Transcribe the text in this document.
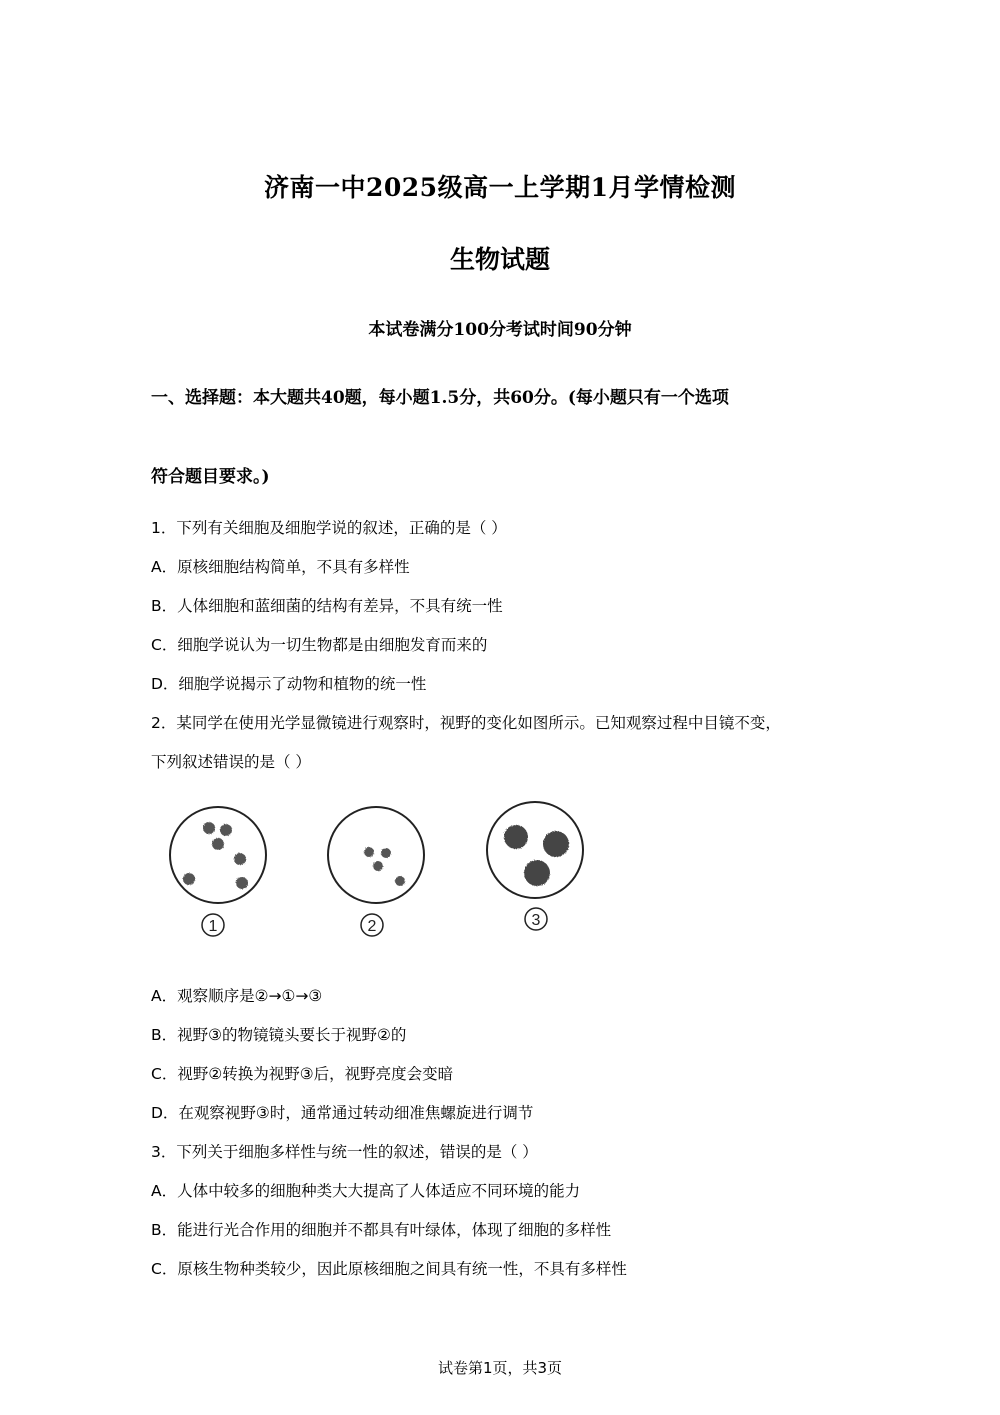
济南一中2025级高一上学期1月学情检测
生物试题
本试卷满分100分考试时间90分钟
一、选择题：本大题共40题，每小题1.5分，共60分。(每小题只有一个选项
符合题目要求。)
1．下列有关细胞及细胞学说的叙述，正确的是（ ）
A．原核细胞结构简单，不具有多样性
B．人体细胞和蓝细菌的结构有差异，不具有统一性
C．细胞学说认为一切生物都是由细胞发育而来的
D．细胞学说揭示了动物和植物的统一性
2．某同学在使用光学显微镜进行观察时，视野的变化如图所示。已知观察过程中目镜不变，
下列叙述错误的是（ ）
1	2	3
A．观察顺序是②→①→③
B．视野③的物镜镜头要长于视野②的
C．视野②转换为视野③后，视野亮度会变暗
D．在观察视野③时，通常通过转动细准焦螺旋进行调节
3．下列关于细胞多样性与统一性的叙述，错误的是（ ）
A．人体中较多的细胞种类大大提高了人体适应不同环境的能力
B．能进行光合作用的细胞并不都具有叶绿体，体现了细胞的多样性
C．原核生物种类较少，因此原核细胞之间具有统一性，不具有多样性
试卷第1页，共3页
